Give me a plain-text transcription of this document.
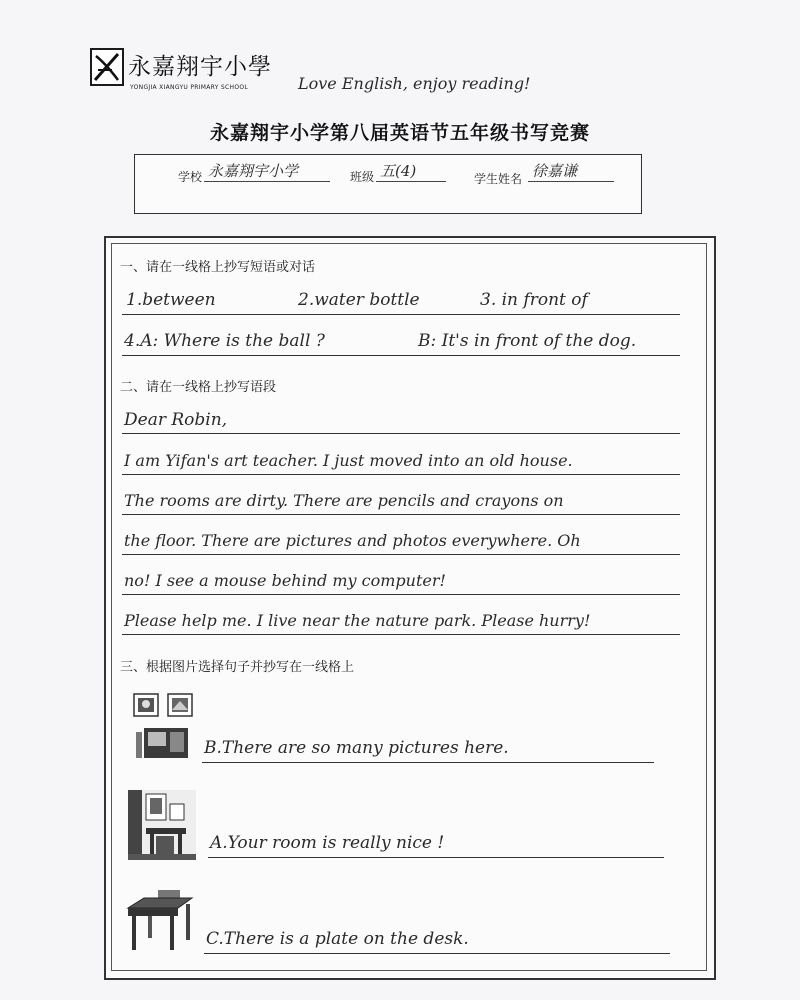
永嘉翔宇小學
YONGJIA XIANGYU PRIMARY SCHOOL	Love English, enjoy reading!
永嘉翔宇小学第八届英语节五年级书写竞赛
学校 永嘉翔宇小学	班级 五(4)	学生姓名 徐嘉谦
一、请在一线格上抄写短语或对话
1.between	2.water bottle	3. in front of
4.A: Where is the ball ?	B: It's in front of the dog.
二、请在一线格上抄写语段
Dear Robin,
I am Yifan's art teacher. I just moved into an old house.
The rooms are dirty. There are pencils and crayons on
the floor. There are pictures and photos everywhere. Oh
no! I see a mouse behind my computer!
Please help me. I live near the nature park. Please hurry!
三、根据图片选择句子并抄写在一线格上
B.There are so many pictures here.
A.Your room is really nice !
C.There is a plate on the desk.
